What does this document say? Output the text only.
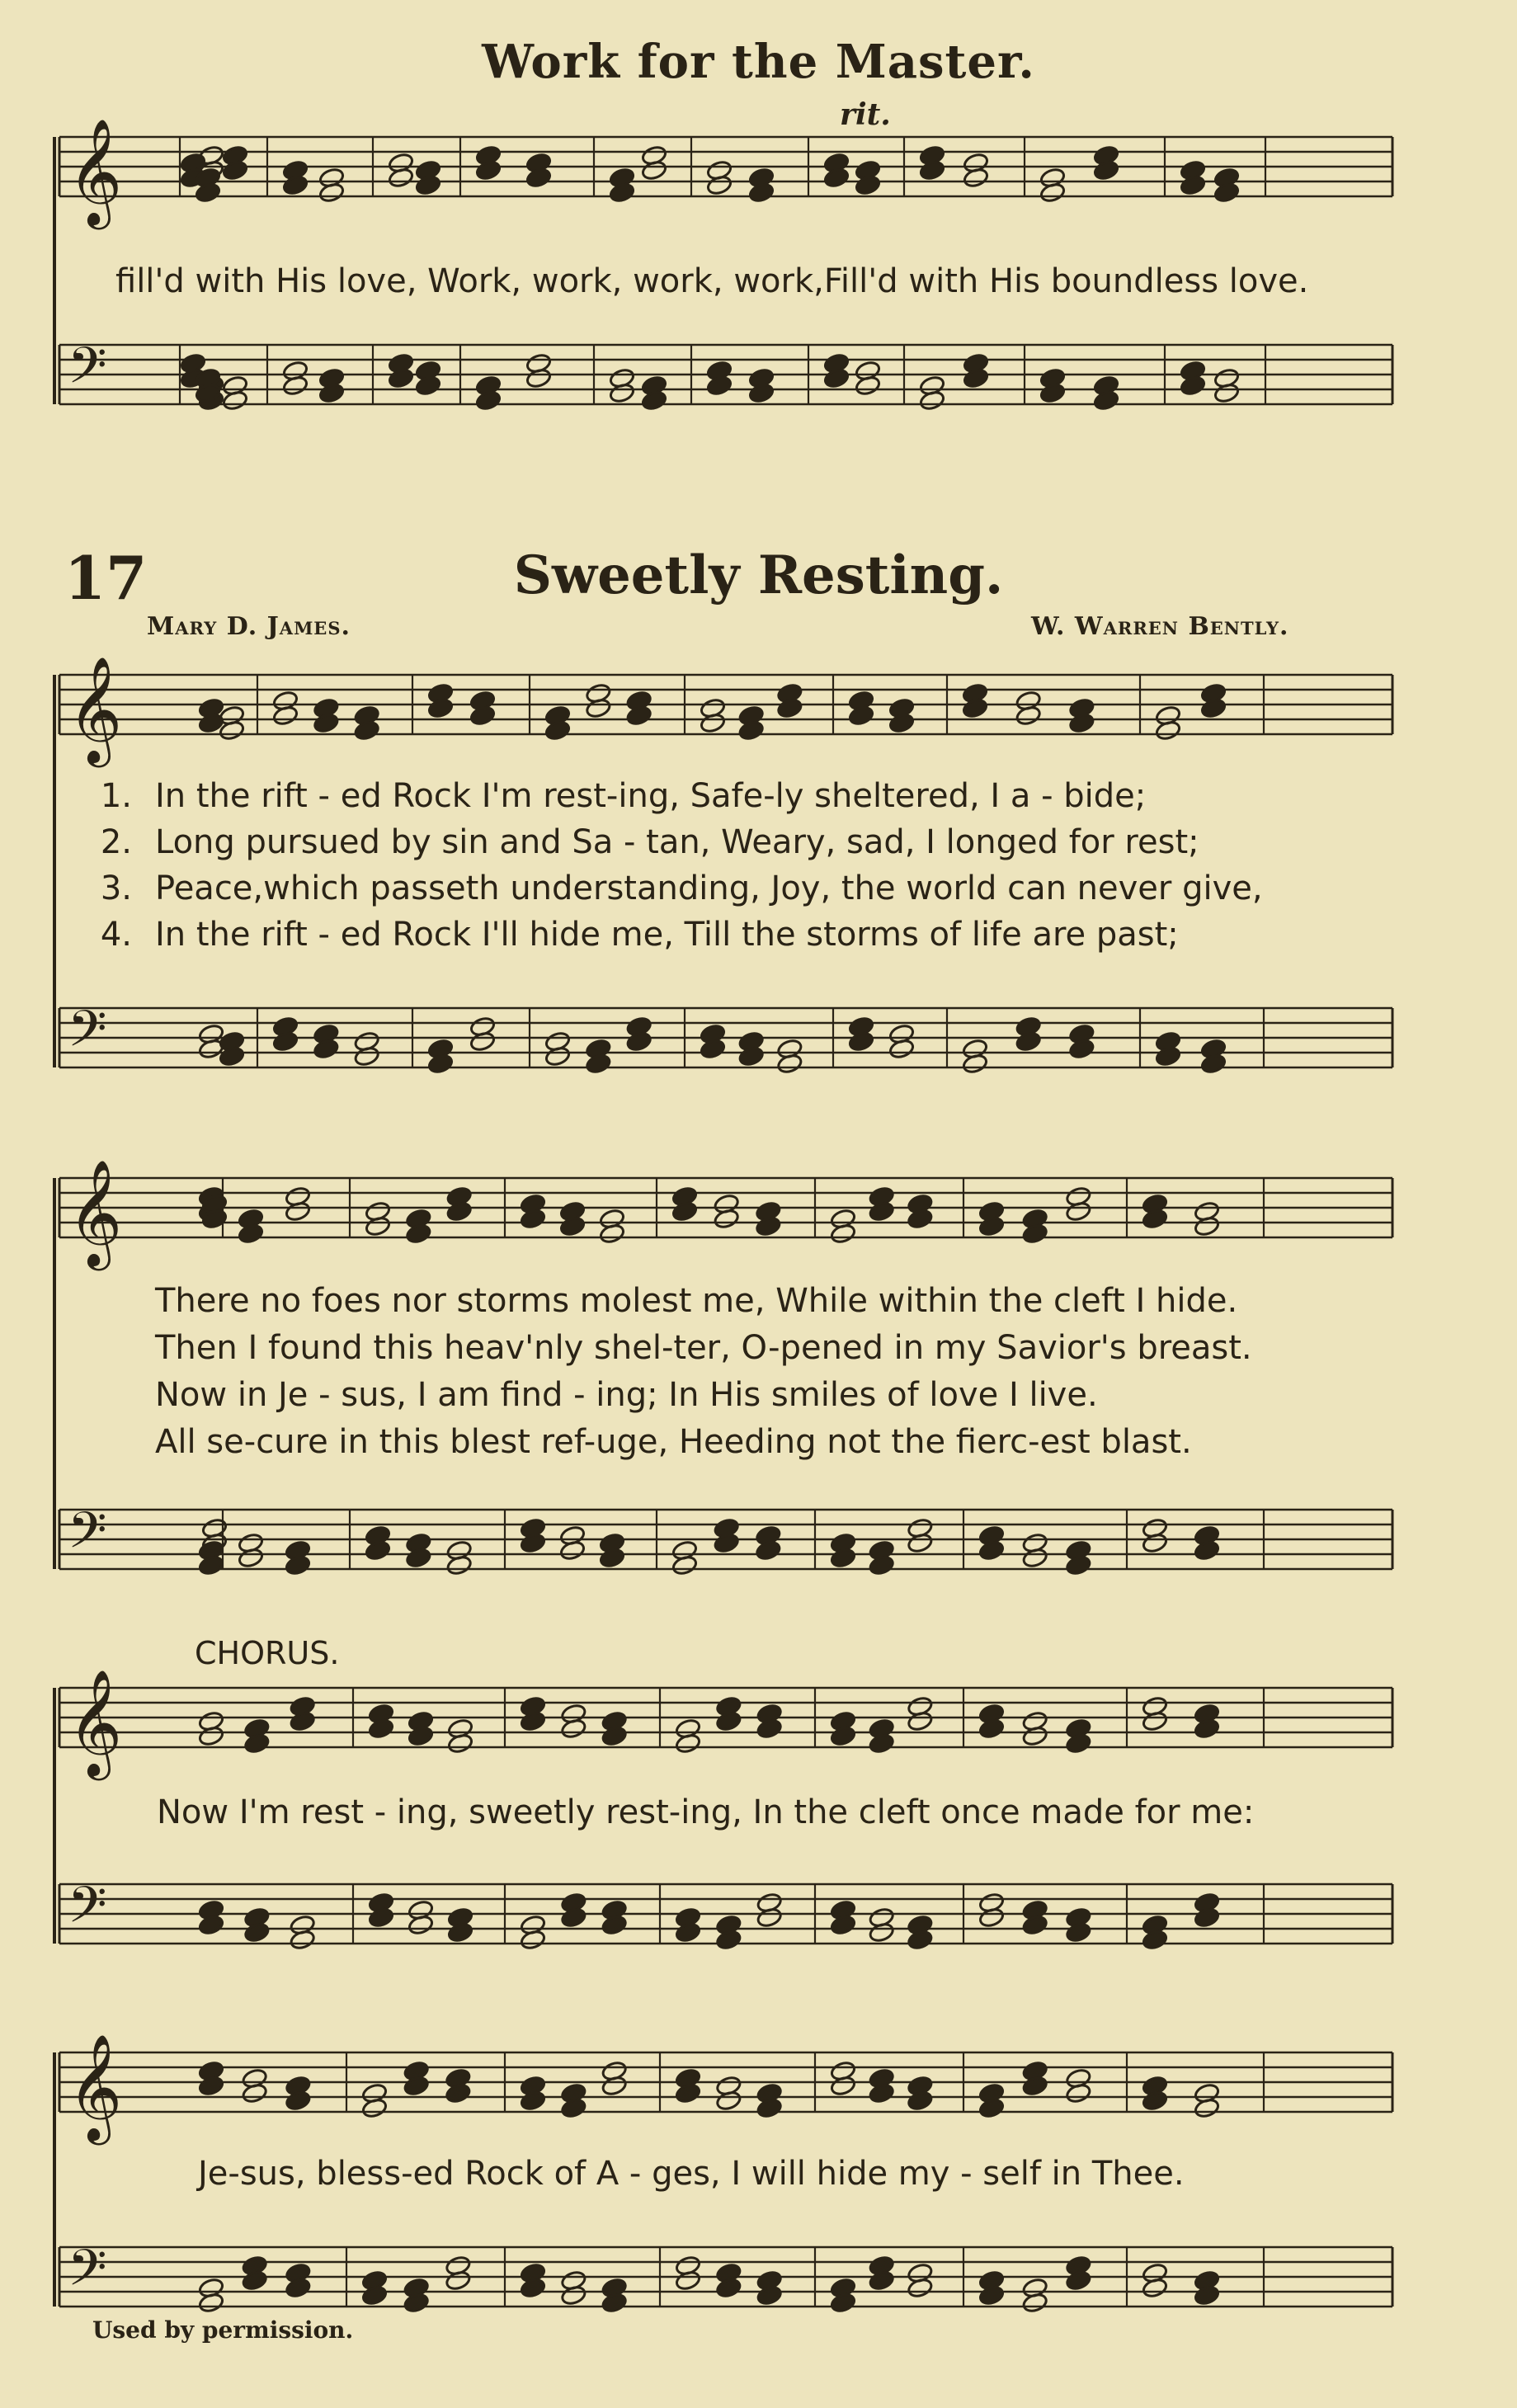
Work for the Master.
rit.
fill'd with His love, Work, work, work, work,Fill'd with His boundless love.
17	Sweetly Resting.
Mary D. James.	W. Warren Bently.
1. In the rift - ed Rock I'm rest-ing, Safe-ly sheltered, I a - bide;
2. Long pursued by sin and Sa - tan, Weary, sad, I longed for rest;
3. Peace,which passeth understanding, Joy, the world can never give,
4. In the rift - ed Rock I'll hide me, Till the storms of life are past;
There no foes nor storms molest me, While within the cleft I hide.
Then I found this heav'nly shel-ter, O-pened in my Savior's breast.
Now in Je - sus, I am find - ing; In His smiles of love I live.
All se-cure in this blest ref-uge, Heeding not the fierc-est blast.
CHORUS.
Now I'm rest - ing, sweetly rest-ing, In the cleft once made for me:
Je-sus, bless-ed Rock of A - ges, I will hide my - self in Thee.
Used by permission.
𝄞
𝄢
𝄞
𝄢
𝄞
𝄢
𝄞
𝄢
𝄞
𝄢
